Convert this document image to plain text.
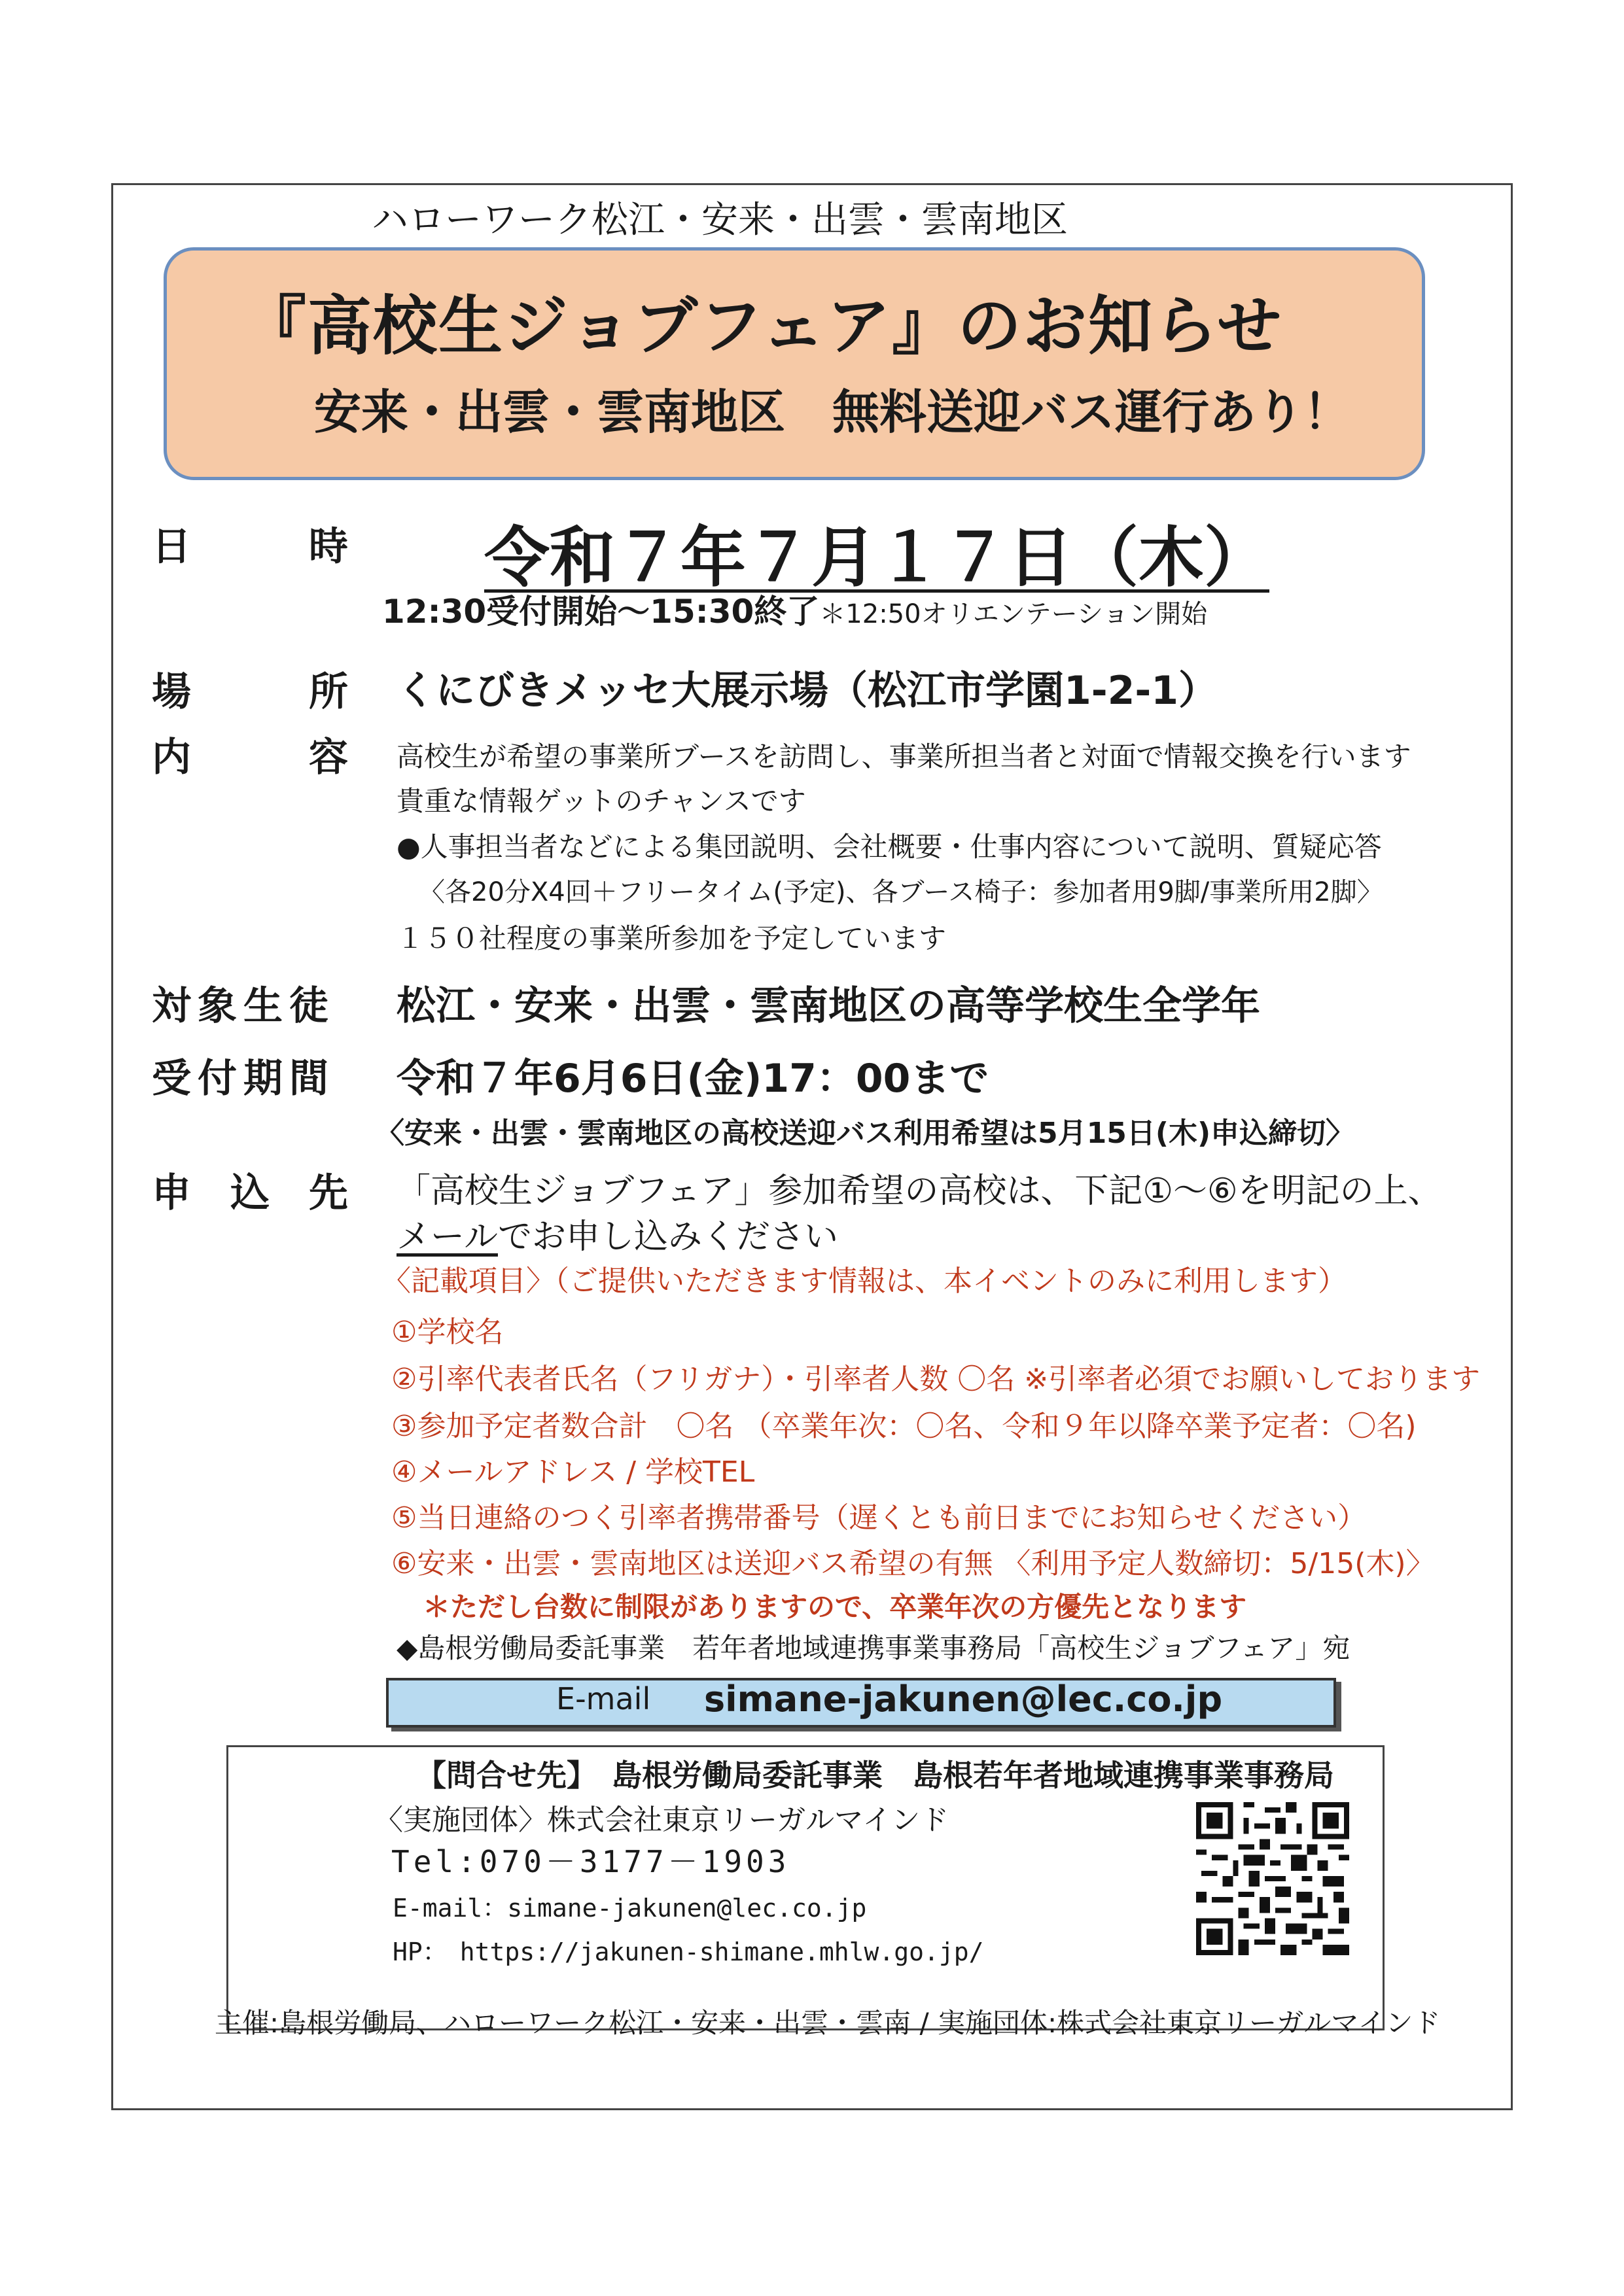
ハローワーク松江・安来・出雲・雲南地区
『高校生ジョブフェア』のお知らせ
安来・出雲・雲南地区　無料送迎バス運行あり！
日　　　時 令和７年７月１７日（木）
12:30受付開始～15:30終了＊12:50オリエンテーション開始
場　　　所 くにびきメッセ大展示場（松江市学園1-2-1）
内　　　容 高校生が希望の事業所ブースを訪問し、事業所担当者と対面で情報交換を行います
貴重な情報ゲットのチャンスです
●人事担当者などによる集団説明、会社概要・仕事内容について説明、質疑応答
〈各20分X4回＋フリータイム(予定)、各ブース椅子：参加者用9脚/事業所用2脚〉
１５０社程度の事業所参加を予定しています
対象生徒 松江・安来・出雲・雲南地区の高等学校生全学年
受付期間 令和７年6月6日(金)17：00まで
〈安来・出雲・雲南地区の高校送迎バス利用希望は5月15日(木)申込締切〉
申　込　先 「高校生ジョブフェア」参加希望の高校は、下記①～⑥を明記の上、
メールでお申し込みください
〈記載項目〉（ご提供いただきます情報は、本イベントのみに利用します）
①学校名
②引率代表者氏名（フリガナ）・引率者人数 〇名 ※引率者必須でお願いしております
③参加予定者数合計　〇名 （卒業年次：〇名、令和９年以降卒業予定者：〇名)
④メールアドレス / 学校TEL
⑤当日連絡のつく引率者携帯番号（遅くとも前日までにお知らせください）
⑥安来・出雲・雲南地区は送迎バス希望の有無 〈利用予定人数締切：5/15(木)〉
＊ただし台数に制限がありますので、卒業年次の方優先となります
◆島根労働局委託事業　若年者地域連携事業事務局「高校生ジョブフェア」宛
E-mail simane-jakunen@lec.co.jp
【問合せ先】　島根労働局委託事業　島根若年者地域連携事業事務局
〈実施団体〉株式会社東京リーガルマインド
Tel:070－3177－1903
E-mail：simane-jakunen@lec.co.jp
HP：　https://jakunen-shimane.mhlw.go.jp/
主催:島根労働局、ハローワーク松江・安来・出雲・雲南 / 実施団体:株式会社東京リーガルマインド
